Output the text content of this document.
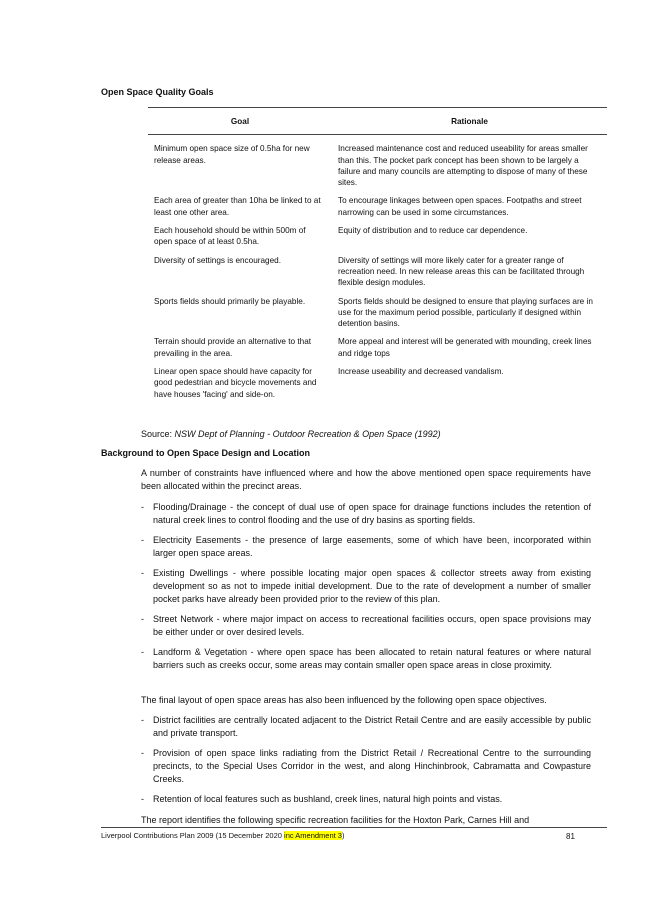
Open Space Quality Goals
Goal	Rationale
Minimum open space size of 0.5ha for new release areas.	Increased maintenance cost and reduced useability for areas smaller than this. The pocket park concept has been shown to be largely a failure and many councils are attempting to dispose of many of these sites.
Each area of greater than 10ha be linked to at least one other area.	To encourage linkages between open spaces. Footpaths and street narrowing can be used in some circumstances.
Each household should be within 500m of open space of at least 0.5ha.	Equity of distribution and to reduce car dependence.
Diversity of settings is encouraged.	Diversity of settings will more likely cater for a greater range of recreation need. In new release areas this can be facilitated through flexible design modules.
Sports fields should primarily be playable.	Sports fields should be designed to ensure that playing surfaces are in use for the maximum period possible, particularly if designed within detention basins.
Terrain should provide an alternative to that prevailing in the area.	More appeal and interest will be generated with mounding, creek lines and ridge tops
Linear open space should have capacity for good pedestrian and bicycle movements and have houses 'facing' and side-on.	Increase useability and decreased vandalism.
Source: NSW Dept of Planning - Outdoor Recreation & Open Space (1992)
Background to Open Space Design and Location
A number of constraints have influenced where and how the above mentioned open space requirements have been allocated within the precinct areas.
- Flooding/Drainage - the concept of dual use of open space for drainage functions includes the retention of natural creek lines to control flooding and the use of dry basins as sporting fields.
- Electricity Easements - the presence of large easements, some of which have been, incorporated within larger open space areas.
- Existing Dwellings - where possible locating major open spaces & collector streets away from existing development so as not to impede initial development. Due to the rate of development a number of smaller pocket parks have already been provided prior to the review of this plan.
- Street Network - where major impact on access to recreational facilities occurs, open space provisions may be either under or over desired levels.
- Landform & Vegetation - where open space has been allocated to retain natural features or where natural barriers such as creeks occur, some areas may contain smaller open space areas in close proximity.
The final layout of open space areas has also been influenced by the following open space objectives.
- District facilities are centrally located adjacent to the District Retail Centre and are easily accessible by public and private transport.
- Provision of open space links radiating from the District Retail / Recreational Centre to the surrounding precincts, to the Special Uses Corridor in the west, and along Hinchinbrook, Cabramatta and Cowpasture Creeks.
- Retention of local features such as bushland, creek lines, natural high points and vistas.
The report identifies the following specific recreation facilities for the Hoxton Park, Carnes Hill and
Liverpool Contributions Plan 2009 (15 December 2020 inc Amendment 3)	81
